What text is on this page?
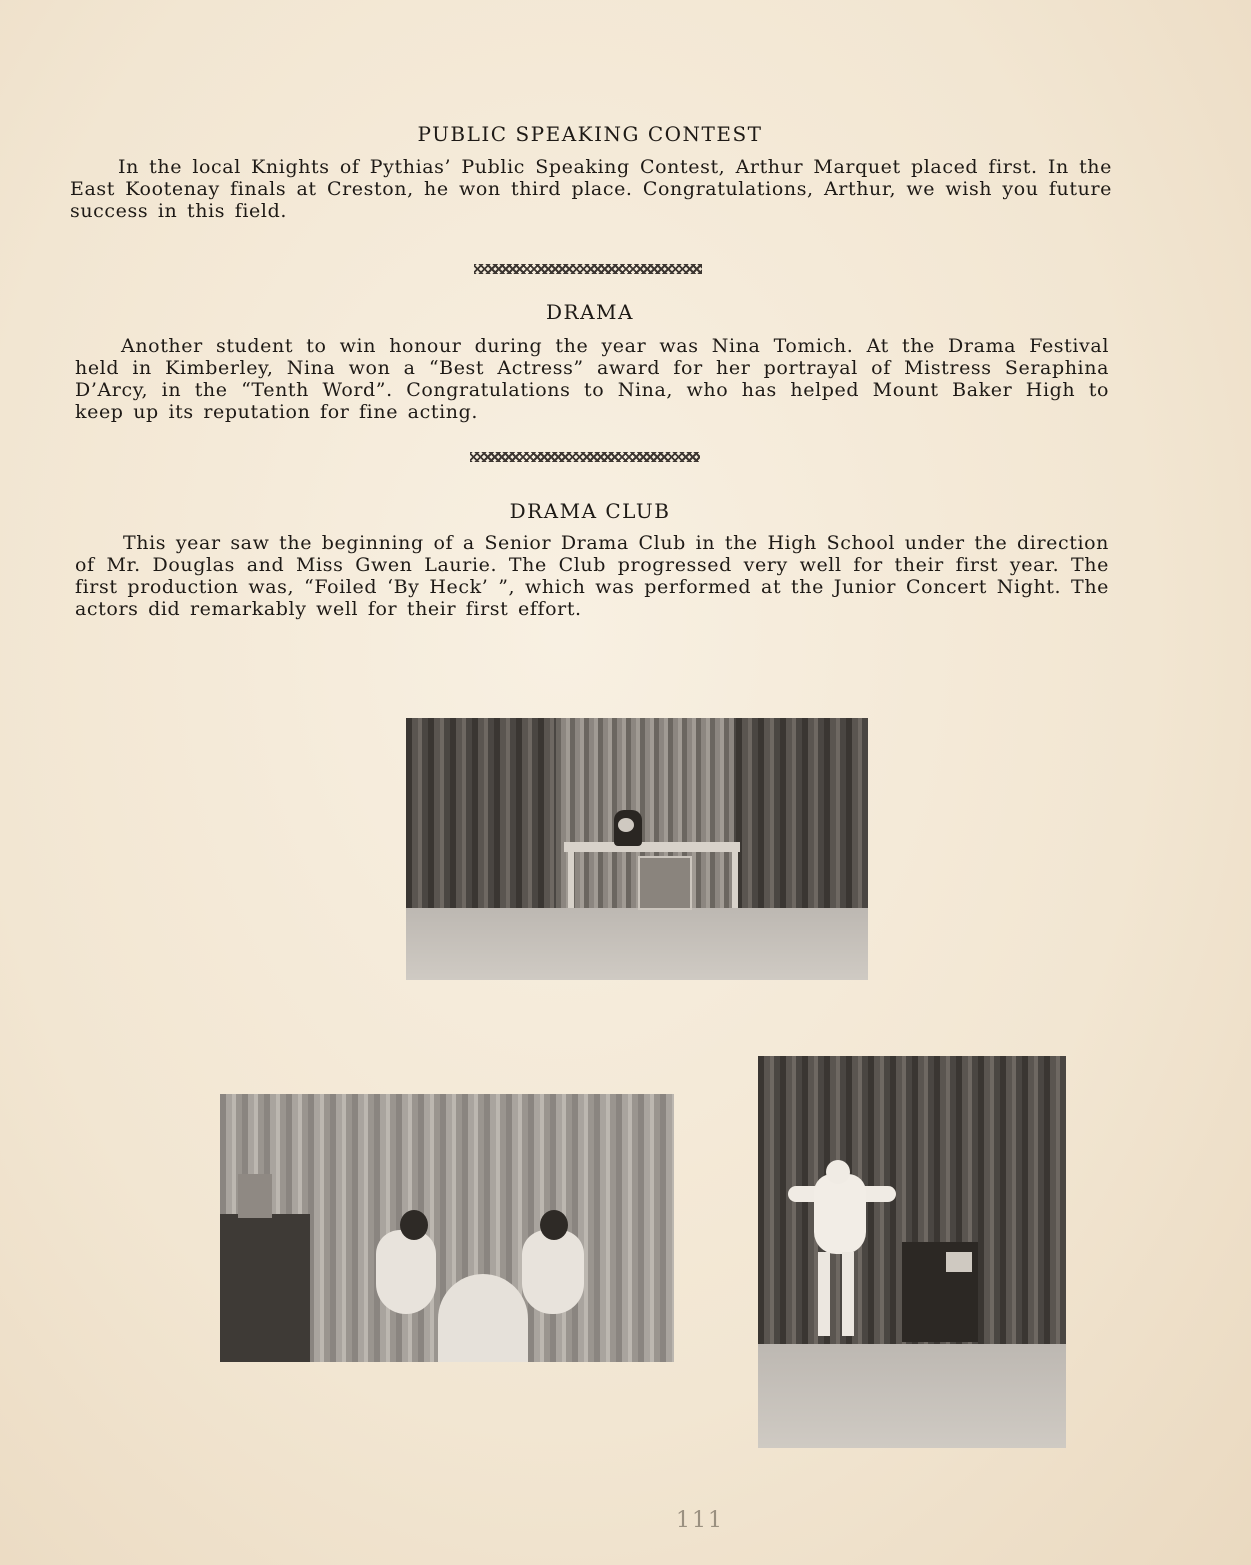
PUBLIC SPEAKING CONTEST
In the local Knights of Pythias’ Public Speaking Contest, Arthur Marquet placed first. In the East Kootenay finals at Creston, he won third place. Congratulations, Arthur, we wish you future success in this field.
DRAMA
Another student to win honour during the year was Nina Tomich. At the Drama Festival held in Kimberley, Nina won a “Best Actress” award for her portrayal of Mistress Seraphina D’Arcy, in the “Tenth Word”. Congratulations to Nina, who has helped Mount Baker High to keep up its reputation for fine acting.
DRAMA CLUB
This year saw the beginning of a Senior Drama Club in the High School under the direction of Mr. Douglas and Miss Gwen Laurie. The Club progressed very well for their first year. The first production was, “Foiled ‘By Heck’ ”, which was performed at the Junior Concert Night. The actors did remarkably well for their first effort.
111
